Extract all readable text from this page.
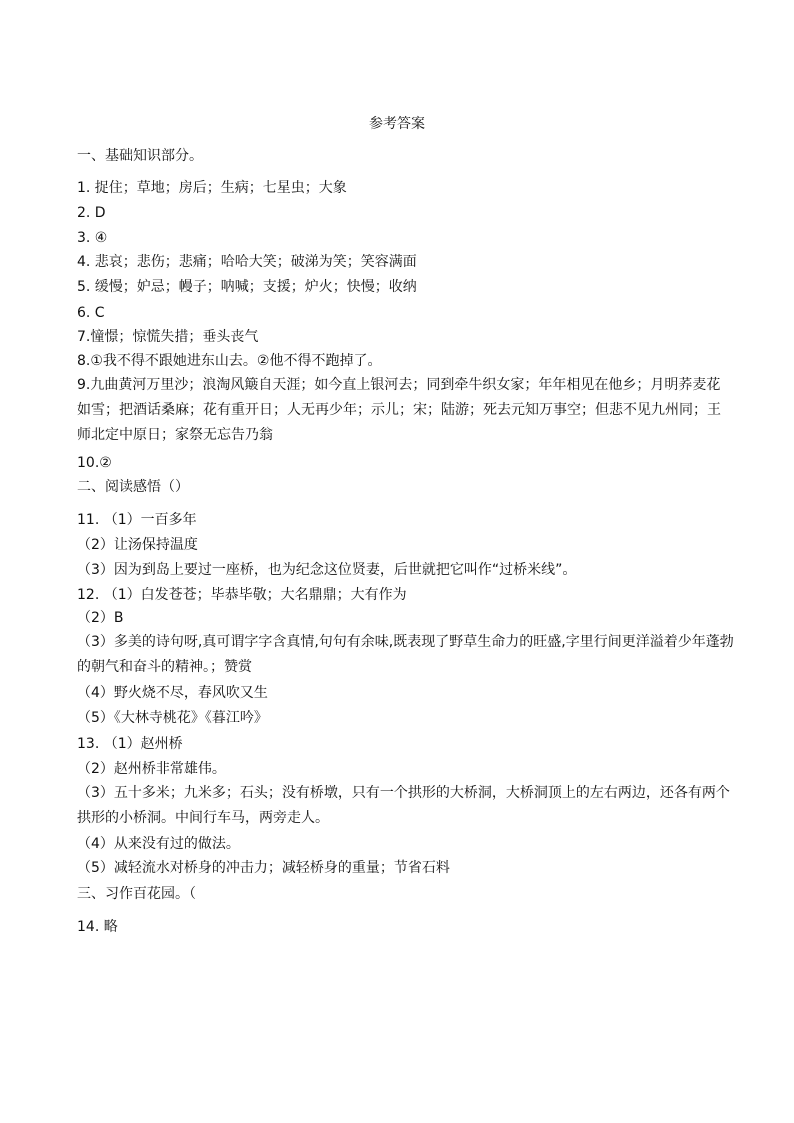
参考答案
一、基础知识部分。
1. 捉住；草地；房后；生病；七星虫；大象
2. D
3. ④
4. 悲哀；悲伤；悲痛；哈哈大笑；破涕为笑；笑容满面
5. 缓慢；妒忌；幔子；呐喊；支援；炉火；快慢；收纳
6. C
7.憧憬；惊慌失措；垂头丧气
8.①我不得不跟她进东山去。②他不得不跑掉了。
9.九曲黄河万里沙；浪淘风簸自天涯；如今直上银河去；同到牵牛织女家；年年相见在他乡；月明荞麦花如雪；把酒话桑麻；花有重开日；人无再少年；示儿；宋；陆游；死去元知万事空；但悲不见九州同；王师北定中原日；家祭无忘告乃翁
10.②
二、阅读感悟（）
11. （1）一百多年
（2）让汤保持温度
（3）因为到岛上要过一座桥，也为纪念这位贤妻，后世就把它叫作“过桥米线”。
12. （1）白发苍苍；毕恭毕敬；大名鼎鼎；大有作为
（2）B
（3）多美的诗句呀,真可谓字字含真情,句句有余味,既表现了野草生命力的旺盛,字里行间更洋溢着少年蓬勃的朝气和奋斗的精神。；赞赏
（4）野火烧不尽，春风吹又生
（5）《大林寺桃花》《暮江吟》
13. （1）赵州桥
（2）赵州桥非常雄伟。
（3）五十多米；九米多；石头；没有桥墩，只有一个拱形的大桥洞，大桥洞顶上的左右两边，还各有两个拱形的小桥洞。中间行车马，两旁走人。
（4）从来没有过的做法。
（5）减轻流水对桥身的冲击力；减轻桥身的重量；节省石料
三、习作百花园。（
14. 略
